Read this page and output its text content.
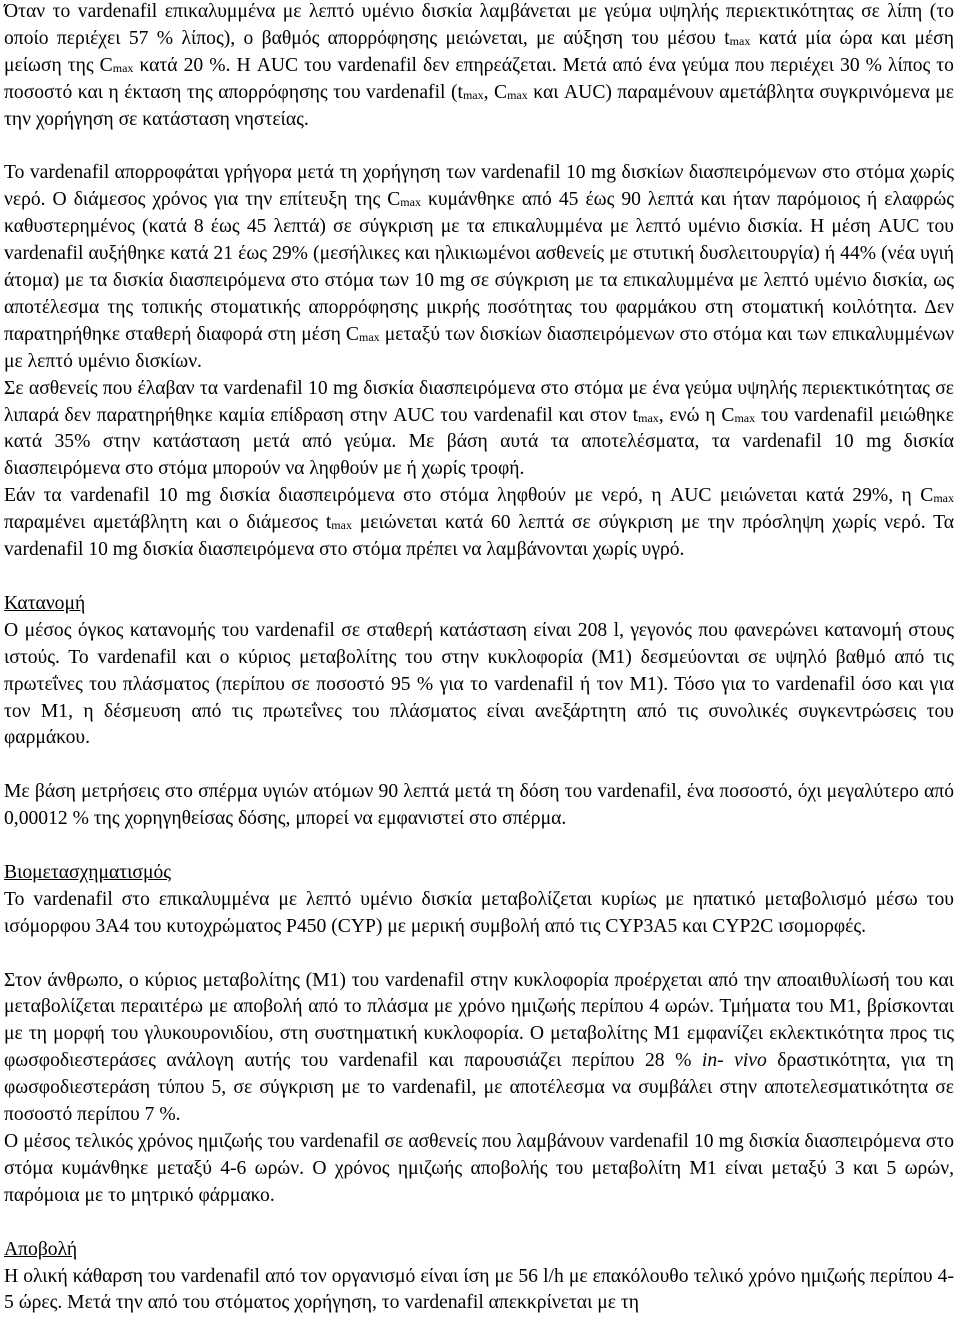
Όταν το vardenafil επικαλυμμένα με λεπτό υμένιο δισκία λαμβάνεται με γεύμα υψηλής περιεκτικότητας σε λίπη (το οποίο περιέχει 57 % λίπος), ο βαθμός απορρόφησης μειώνεται, με αύξηση του μέσου $t_{max}$ κατά μία ώρα και μέση μείωση της $C_{max}$ κατά 20 %. Η AUC του vardenafil δεν επηρεάζεται. Μετά από ένα γεύμα που περιέχει 30 % λίπος το ποσοστό και η έκταση της απορρόφησης του vardenafil ($t_{max}$, $C_{max}$ και AUC) παραμένουν αμετάβλητα συγκρινόμενα με την χορήγηση σε κατάσταση νηστείας.

Το vardenafil απορροφάται γρήγορα μετά τη χορήγηση των vardenafil 10 mg δισκίων διασπειρόμενων στο στόμα χωρίς νερό. Ο διάμεσος χρόνος για την επίτευξη της $C_{max}$ κυμάνθηκε από 45 έως 90 λεπτά και ήταν παρόμοιος ή ελαφρώς καθυστερημένος (κατά 8 έως 45 λεπτά) σε σύγκριση με τα επικαλυμμένα με λεπτό υμένιο δισκία. Η μέση AUC του vardenafil αυξήθηκε κατά 21 έως 29% (μεσήλικες και ηλικιωμένοι ασθενείς με στυτική δυσλειτουργία) ή 44% (νέα υγιή άτομα) με τα δισκία διασπειρόμενα στο στόμα των 10 mg σε σύγκριση με τα επικαλυμμένα με λεπτό υμένιο δισκία, ως αποτέλεσμα της τοπικής στοματικής απορρόφησης μικρής ποσότητας του φαρμάκου στη στοματική κοιλότητα. Δεν παρατηρήθηκε σταθερή διαφορά στη μέση $C_{max}$ μεταξύ των δισκίων διασπειρόμενων στο στόμα και των επικαλυμμένων με λεπτό υμένιο δισκίων.

Σε ασθενείς που έλαβαν τα vardenafil 10 mg δισκία διασπειρόμενα στο στόμα με ένα γεύμα υψηλής περιεκτικότητας σε λιπαρά δεν παρατηρήθηκε καμία επίδραση στην AUC του vardenafil και στον $t_{max}$, ενώ η $C_{max}$ του vardenafil μειώθηκε κατά 35% στην κατάσταση μετά από γεύμα. Με βάση αυτά τα αποτελέσματα, τα vardenafil 10 mg δισκία διασπειρόμενα στο στόμα μπορούν να ληφθούν με ή χωρίς τροφή.

Εάν τα vardenafil 10 mg δισκία διασπειρόμενα στο στόμα ληφθούν με νερό, η AUC μειώνεται κατά 29%, η $C_{max}$ παραμένει αμετάβλητη και ο διάμεσος $t_{max}$ μειώνεται κατά 60 λεπτά σε σύγκριση με την πρόσληψη χωρίς νερό. Τα vardenafil 10 mg δισκία διασπειρόμενα στο στόμα πρέπει να λαμβάνονται χωρίς υγρό.

Κατανομή

Ο μέσος όγκος κατανομής του vardenafil σε σταθερή κατάσταση είναι 208 l, γεγονός που φανερώνει κατανομή στους ιστούς. Το vardenafil και ο κύριος μεταβολίτης του στην κυκλοφορία (M1) δεσμεύονται σε υψηλό βαθμό από τις πρωτεΐνες του πλάσματος (περίπου σε ποσοστό 95 % για το vardenafil ή τον M1). Τόσο για το vardenafil όσο και για τον M1, η δέσμευση από τις πρωτεΐνες του πλάσματος είναι ανεξάρτητη από τις συνολικές συγκεντρώσεις του φαρμάκου.

Με βάση μετρήσεις στο σπέρμα υγιών ατόμων 90 λεπτά μετά τη δόση του vardenafil, ένα ποσοστό, όχι μεγαλύτερο από 0,00012 % της χορηγηθείσας δόσης, μπορεί να εμφανιστεί στο σπέρμα.

Βιομετασχηματισμός

Το vardenafil στο επικαλυμμένα με λεπτό υμένιο δισκία μεταβολίζεται κυρίως με ηπατικό μεταβολισμό μέσω του ισόμορφου 3A4 του κυτοχρώματος P450 (CYP) με μερική συμβολή από τις CYP3A5 και CYP2C ισομορφές.

Στον άνθρωπο, ο κύριος μεταβολίτης (M1) του vardenafil στην κυκλοφορία προέρχεται από την αποαιθυλίωσή του και μεταβολίζεται περαιτέρω με αποβολή από το πλάσμα με χρόνο ημιζωής περίπου 4 ωρών. Τμήματα του M1, βρίσκονται με τη μορφή του γλυκουρονιδίου, στη συστηματική κυκλοφορία. Ο μεταβολίτης M1 εμφανίζει εκλεκτικότητα προς τις φωσφοδιεστεράσες ανάλογη αυτής του vardenafil και παρουσιάζει περίπου 28 % in- vivo δραστικότητα, για τη φωσφοδιεστεράση τύπου 5, σε σύγκριση με το vardenafil, με αποτέλεσμα να συμβάλει στην αποτελεσματικότητα σε ποσοστό περίπου 7 %.

Ο μέσος τελικός χρόνος ημιζωής του vardenafil σε ασθενείς που λαμβάνουν vardenafil 10 mg δισκία διασπειρόμενα στο στόμα κυμάνθηκε μεταξύ 4-6 ωρών. Ο χρόνος ημιζωής αποβολής του μεταβολίτη M1 είναι μεταξύ 3 και 5 ωρών, παρόμοια με το μητρικό φάρμακο.

Αποβολή

Η ολική κάθαρση του vardenafil από τον οργανισμό είναι ίση με 56 l/h με επακόλουθο τελικό χρόνο ημιζωής περίπου 4-5 ώρες. Μετά την από του στόματος χορήγηση, το vardenafil απεκκρίνεται με τη
